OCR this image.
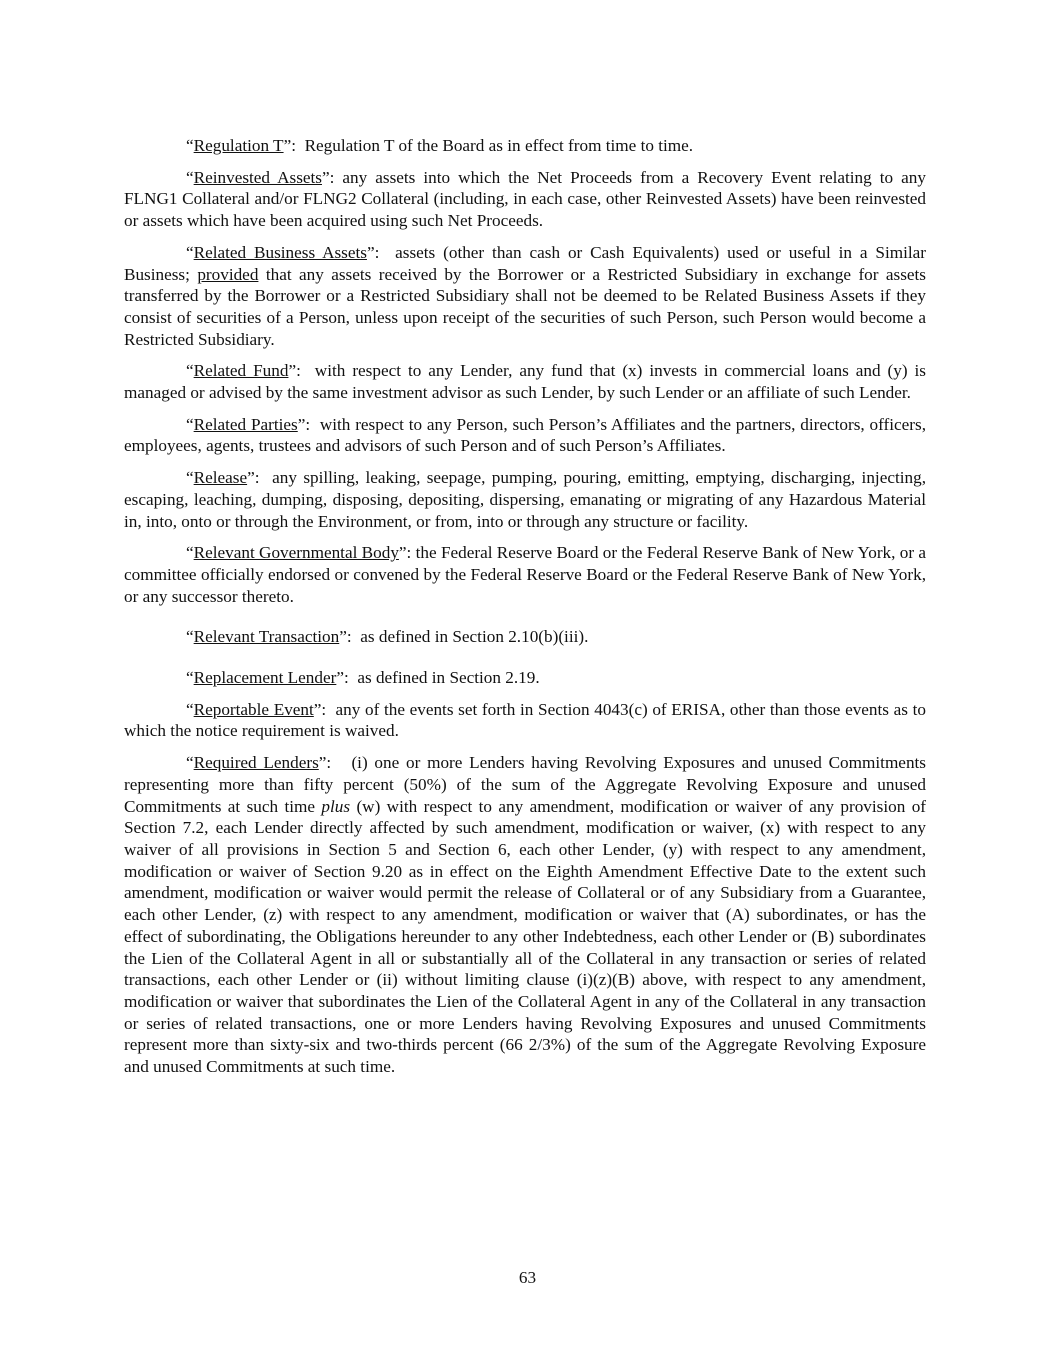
“Regulation T”:  Regulation T of the Board as in effect from time to time.

“Reinvested Assets”: any assets into which the Net Proceeds from a Recovery Event relating to any FLNG1 Collateral and/or FLNG2 Collateral (including, in each case, other Reinvested Assets) have been reinvested or assets which have been acquired using such Net Proceeds.

“Related Business Assets”:  assets (other than cash or Cash Equivalents) used or useful in a Similar Business; provided that any assets received by the Borrower or a Restricted Subsidiary in exchange for assets transferred by the Borrower or a Restricted Subsidiary shall not be deemed to be Related Business Assets if they consist of securities of a Person, unless upon receipt of the securities of such Person, such Person would become a Restricted Subsidiary.

“Related Fund”:  with respect to any Lender, any fund that (x) invests in commercial loans and (y) is managed or advised by the same investment advisor as such Lender, by such Lender or an affiliate of such Lender.

“Related Parties”:  with respect to any Person, such Person’s Affiliates and the partners, directors, officers, employees, agents, trustees and advisors of such Person and of such Person’s Affiliates.

“Release”:  any spilling, leaking, seepage, pumping, pouring, emitting, emptying, discharging, injecting, escaping, leaching, dumping, disposing, depositing, dispersing, emanating or migrating of any Hazardous Material in, into, onto or through the Environment, or from, into or through any structure or facility.

“Relevant Governmental Body”: the Federal Reserve Board or the Federal Reserve Bank of New York, or a committee officially endorsed or convened by the Federal Reserve Board or the Federal Reserve Bank of New York, or any successor thereto.

“Relevant Transaction”:  as defined in Section 2.10(b)(iii).

“Replacement Lender”:  as defined in Section 2.19.

“Reportable Event”:  any of the events set forth in Section 4043(c) of ERISA, other than those events as to which the notice requirement is waived.

“Required Lenders”:   (i) one or more Lenders having Revolving Exposures and unused Commitments representing more than fifty percent (50%) of the sum of the Aggregate Revolving Exposure and unused Commitments at such time plus (w) with respect to any amendment, modification or waiver of any provision of Section 7.2, each Lender directly affected by such amendment, modification or waiver, (x) with respect to any waiver of all provisions in Section 5 and Section 6, each other Lender, (y) with respect to any amendment, modification or waiver of Section 9.20 as in effect on the Eighth Amendment Effective Date to the extent such amendment, modification or waiver would permit the release of Collateral or of any Subsidiary from a Guarantee, each other Lender, (z) with respect to any amendment, modification or waiver that (A) subordinates, or has the effect of subordinating, the Obligations hereunder to any other Indebtedness, each other Lender or (B) subordinates the Lien of the Collateral Agent in all or substantially all of the Collateral in any transaction or series of related transactions, each other Lender or (ii) without limiting clause (i)(z)(B) above, with respect to any amendment, modification or waiver that subordinates the Lien of the Collateral Agent in any of the Collateral in any transaction or series of related transactions, one or more Lenders having Revolving Exposures and unused Commitments represent more than sixty-six and two-thirds percent (66 2/3%) of the sum of the Aggregate Revolving Exposure and unused Commitments at such time.

63
